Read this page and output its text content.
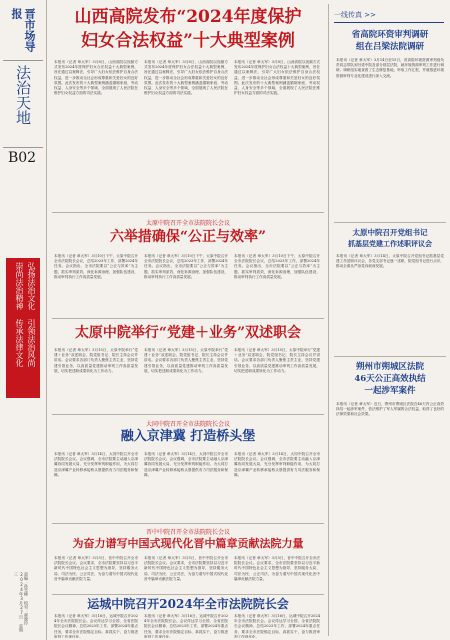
晋市场导报
法治天地
B02
弘扬法治文化 引领法治风尚
崇尚法治精神 传承法律文化
责编：孙雪峰 校对：郝晓玲
2024年3月27日 星期三
山西高院发布“2024年度保护
妇女合法权益”十大典型案例
本报讯（记者 章大军）3月8日，山西高院以视频方式发布2024年度保护妇女合法权益十大典型案例，旨在通过以案释法，引导广大妇女依法维护自身合法权益，进一步推动全社会形成尊重和关爱妇女的良好氛围。此次发布的十大典型案例涵盖婚姻家庭、劳动权益、人身安全等多个领域，全面展现了人民法院在维护妇女权益方面的司法实践。
本报讯（记者 章大军）3月8日，山西高院以视频方式发布2024年度保护妇女合法权益十大典型案例，旨在通过以案释法，引导广大妇女依法维护自身合法权益，进一步推动全社会形成尊重和关爱妇女的良好氛围。此次发布的十大典型案例涵盖婚姻家庭、劳动权益、人身安全等多个领域，全面展现了人民法院在维护妇女权益方面的司法实践。
本报讯（记者 章大军）3月8日，山西高院以视频方式发布2024年度保护妇女合法权益十大典型案例，旨在通过以案释法，引导广大妇女依法维护自身合法权益，进一步推动全社会形成尊重和关爱妇女的良好氛围。此次发布的十大典型案例涵盖婚姻家庭、劳动权益、人身安全等多个领域，全面展现了人民法院在维护妇女权益方面的司法实践。
太原中院召开全市法院院长会议
六举措确保“公正与效率”
本报讯（记者 章大军）3月10日下午，太原中院召开全市法院院长会议，总结2023年工作，部署2024年任务。会议指出，全市法院要以“公正与效率”为主题，抓实审判质效，深化诉源治理，加强队伍建设，推动审判执行工作高质量发展。
本报讯（记者 章大军）3月10日下午，太原中院召开全市法院院长会议，总结2023年工作，部署2024年任务。会议指出，全市法院要以“公正与效率”为主题，抓实审判质效，深化诉源治理，加强队伍建设，推动审判执行工作高质量发展。
本报讯（记者 章大军）3月10日下午，太原中院召开全市法院院长会议，总结2023年工作，部署2024年任务。会议指出，全市法院要以“公正与效率”为主题，抓实审判质效，深化诉源治理，加强队伍建设，推动审判执行工作高质量发展。
太原中院举行“党建＋业务”双述职会
本报讯（记者 章大军）3月15日，太原中院举行“党建＋业务”双述职会，院党组书记、院长主持会议并讲话。会议要求各部门负责人聚焦主责主业，坚持党建引领业务，以高质量党建推动审判工作高质量发展，切实把述职成果转化为工作动力。
本报讯（记者 章大军）3月15日，太原中院举行“党建＋业务”双述职会，院党组书记、院长主持会议并讲话。会议要求各部门负责人聚焦主责主业，坚持党建引领业务，以高质量党建推动审判工作高质量发展，切实把述职成果转化为工作动力。
本报讯（记者 章大军）3月15日，太原中院举行“党建＋业务”双述职会，院党组书记、院长主持会议并讲话。会议要求各部门负责人聚焦主责主业，坚持党建引领业务，以高质量党建推动审判工作高质量发展，切实把述职成果转化为工作动力。
大同中院召开全市法院院长会议
融入京津冀 打造桥头堡
本报讯（记者 章大军）3月14日，大同中院召开全市法院院长会议。会议强调，全市法院要主动融入京津冀协同发展大局，充分发挥审判职能作用，为大同打造京津冀产业转移承接桥头堡提供有力司法服务和保障。
本报讯（记者 章大军）3月14日，大同中院召开全市法院院长会议。会议强调，全市法院要主动融入京津冀协同发展大局，充分发挥审判职能作用，为大同打造京津冀产业转移承接桥头堡提供有力司法服务和保障。
本报讯（记者 章大军）3月14日，大同中院召开全市法院院长会议。会议强调，全市法院要主动融入京津冀协同发展大局，充分发挥审判职能作用，为大同打造京津冀产业转移承接桥头堡提供有力司法服务和保障。
晋中中院召开全市法院院长会议
为奋力谱写中国式现代化晋中篇章贡献法院力量
本报讯（记者 章大军）3月5日，晋中中院召开全市法院院长会议。会议要求，全市法院要坚持以习近平新时代中国特色社会主义思想为指导，坚持服务大局、司法为民、公正司法，为奋力谱写中国式现代化晋中篇章贡献法院力量。
本报讯（记者 章大军）3月5日，晋中中院召开全市法院院长会议。会议要求，全市法院要坚持以习近平新时代中国特色社会主义思想为指导，坚持服务大局、司法为民、公正司法，为奋力谱写中国式现代化晋中篇章贡献法院力量。
本报讯（记者 章大军）3月5日，晋中中院召开全市法院院长会议。会议要求，全市法院要坚持以习近平新时代中国特色社会主义思想为指导，坚持服务大局、司法为民、公正司法，为奋力谱写中国式现代化晋中篇章贡献法院力量。
运城中院召开2024年全市法院院长会
本报讯（记者 章大军）3月16日，运城中院召开2024年全市法院院长会。会议传达学习全国、全省法院院长会议精神，总结2023年工作，部署2024年重点任务，要求全市法院锚定目标、真抓实干，奋力推进审判工作现代化。
本报讯（记者 章大军）3月16日，运城中院召开2024年全市法院院长会。会议传达学习全国、全省法院院长会议精神，总结2023年工作，部署2024年重点任务，要求全市法院锚定目标、真抓实干，奋力推进审判工作现代化。
本报讯（记者 章大军）3月16日，运城中院召开2024年全市法院院长会。会议传达学习全国、全省法院院长会议精神，总结2023年工作，部署2024年重点任务，要求全市法院锚定目标、真抓实干，奋力推进审判工作现代化。
一线传真 >>
省高院环资审判调研
组在吕梁法院调研
本报讯（记者 章大军）3月14日至15日，省高院环境资源审判庭负责同志带队到吕梁中院及部分基层法院，就环境资源审判工作进行调研。调研组实地查看了生态修复基地，听取工作汇报，并就推进环境资源审判专业化建设进行深入交流。
太原中院召开党组书记
抓基层党建工作述职评议会
本报讯（记者 章大军）3月14日，太原中院召开党组书记抓基层党建工作述职评议会，各党支部书记逐一述职，院党组书记进行点评，推动全面从严治党向纵深发展。
朔州市朔城区法院
46天公正高效执结
一起涉军案件
本报讯（记者 章大军）近日，朔州市朔城区法院在46天内公正高效执结一起涉军案件，依法维护了军人军属的合法权益，取得了良好的法律效果和社会效果。
